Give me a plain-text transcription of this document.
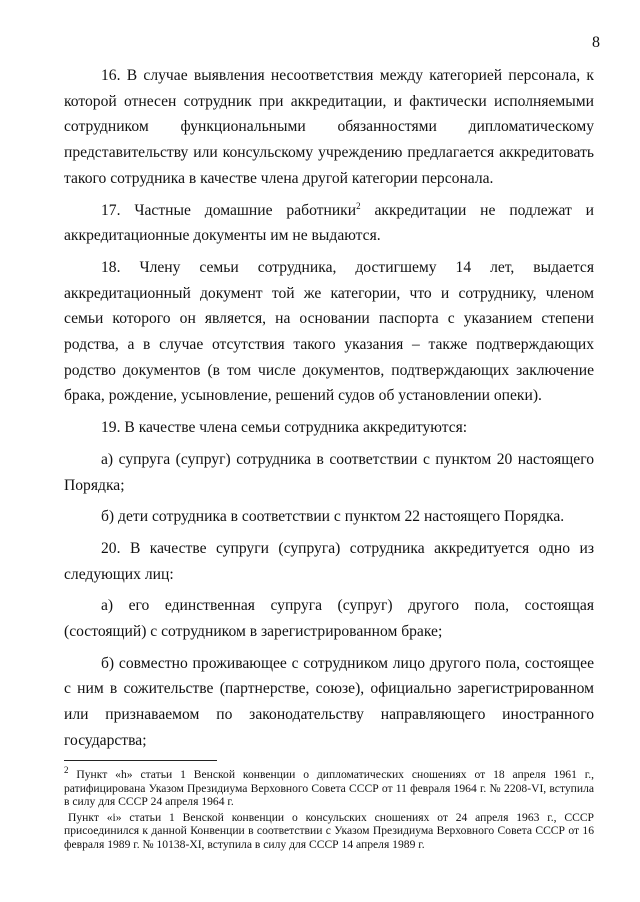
8

16. В случае выявления несоответствия между категорией персонала, к которой отнесен сотрудник при аккредитации, и фактически исполняемыми сотрудником функциональными обязанностями дипломатическому представительству или консульскому учреждению предлагается аккредитовать такого сотрудника в качестве члена другой категории персонала.

17. Частные домашние работники$^2$ аккредитации не подлежат и аккредитационные документы им не выдаются.

18. Члену семьи сотрудника, достигшему 14 лет, выдается аккредитационный документ той же категории, что и сотруднику, членом семьи которого он является, на основании паспорта с указанием степени родства, а в случае отсутствия такого указания – также подтверждающих родство документов (в том числе документов, подтверждающих заключение брака, рождение, усыновление, решений судов об установлении опеки).

19. В качестве члена семьи сотрудника аккредитуются:

а) супруга (супруг) сотрудника в соответствии с пунктом 20 настоящего Порядка;

б) дети сотрудника в соответствии с пунктом 22 настоящего Порядка.

20. В качестве супруги (супруга) сотрудника аккредитуется одно из следующих лиц:

а) его единственная супруга (супруг) другого пола, состоящая (состоящий) с сотрудником в зарегистрированном браке;

б) совместно проживающее с сотрудником лицо другого пола, состоящее с ним в сожительстве (партнерстве, союзе), официально зарегистрированном или признаваемом по законодательству направляющего иностранного государства;

$^2$ Пункт «h» статьи 1 Венской конвенции о дипломатических сношениях от 18 апреля 1961 г., ратифицирована Указом Президиума Верховного Совета СССР от 11 февраля 1964 г. № 2208-VI, вступила в силу для СССР 24 апреля 1964 г.

Пункт «i» статьи 1 Венской конвенции о консульских сношениях от 24 апреля 1963 г., СССР присоединился к данной Конвенции в соответствии с Указом Президиума Верховного Совета СССР от 16 февраля 1989 г. № 10138-XI, вступила в силу для СССР 14 апреля 1989 г.
